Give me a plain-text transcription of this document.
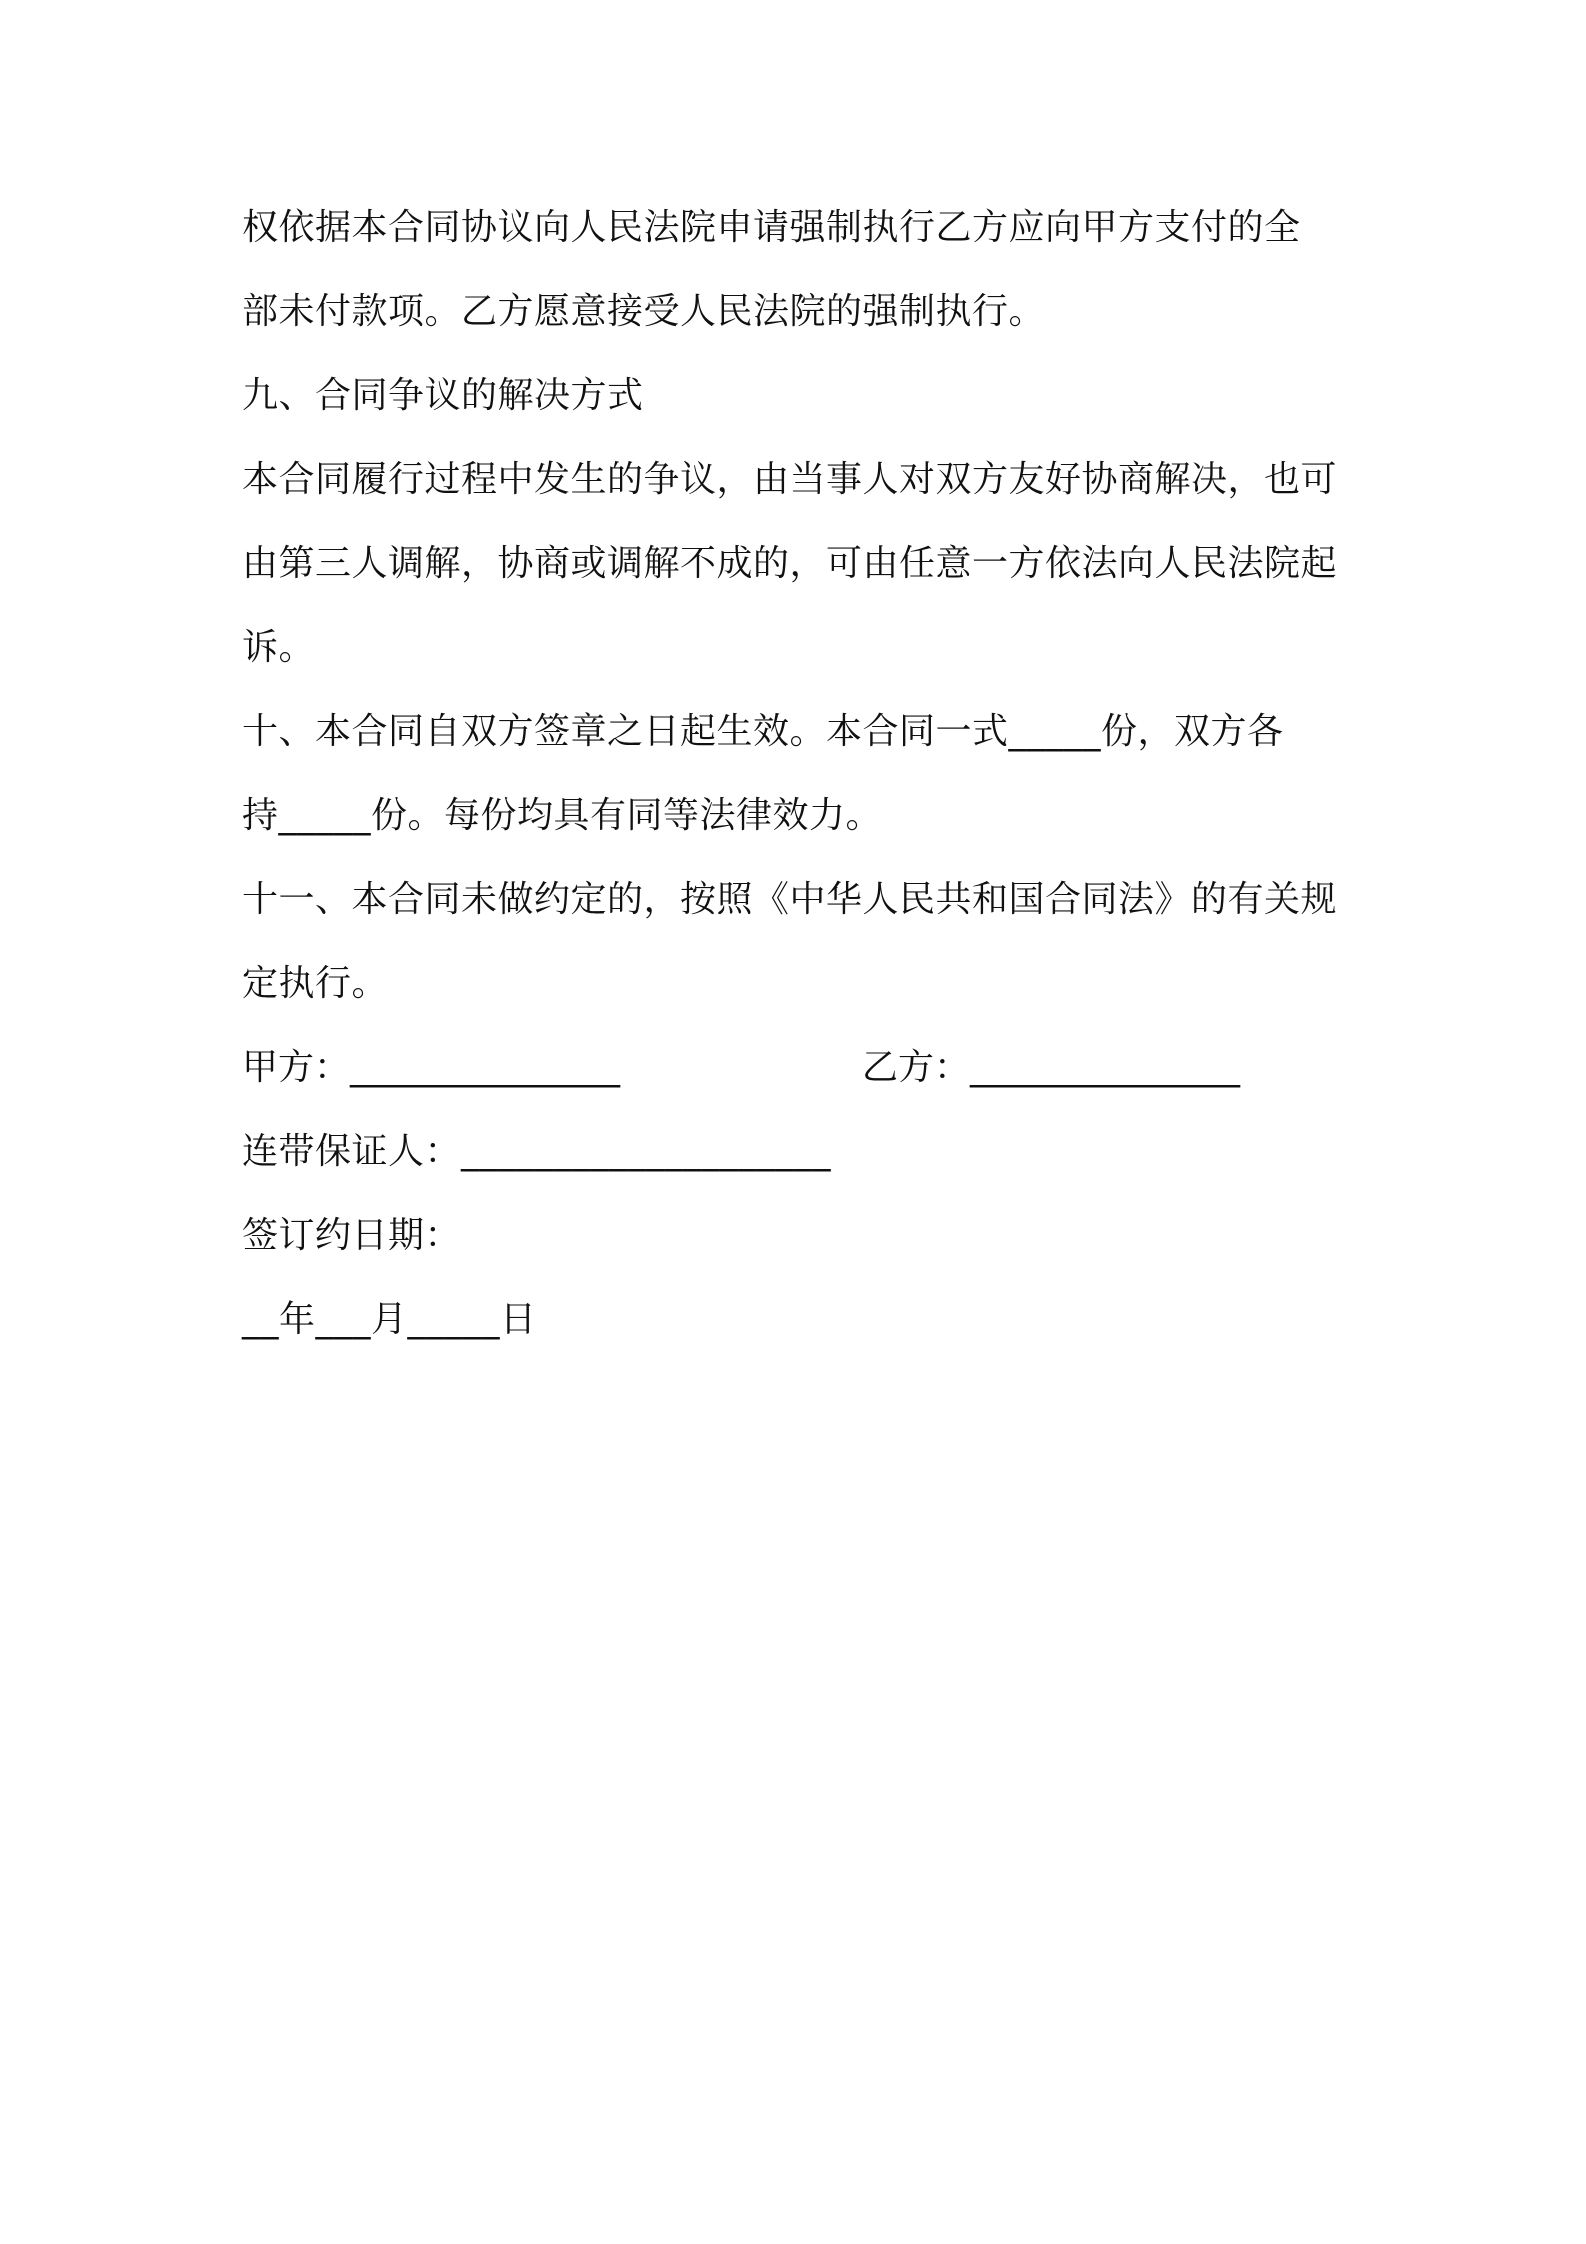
权依据本合同协议向人民法院申请强制执行乙方应向甲方支付的全
部未付款项。乙方愿意接受人民法院的强制执行。
九、合同争议的解决方式
本合同履行过程中发生的争议，由当事人对双方友好协商解决，也可
由第三人调解，协商或调解不成的，可由任意一方依法向人民法院起
诉。
十、本合同自双方签章之日起生效。本合同一式_____份，双方各
持_____份。每份均具有同等法律效力。
十一、本合同未做约定的，按照《中华人民共和国合同法》的有关规
定执行。
甲方：_______________	乙方：_______________
连带保证人：____________________
签订约日期：
__年___月_____日
